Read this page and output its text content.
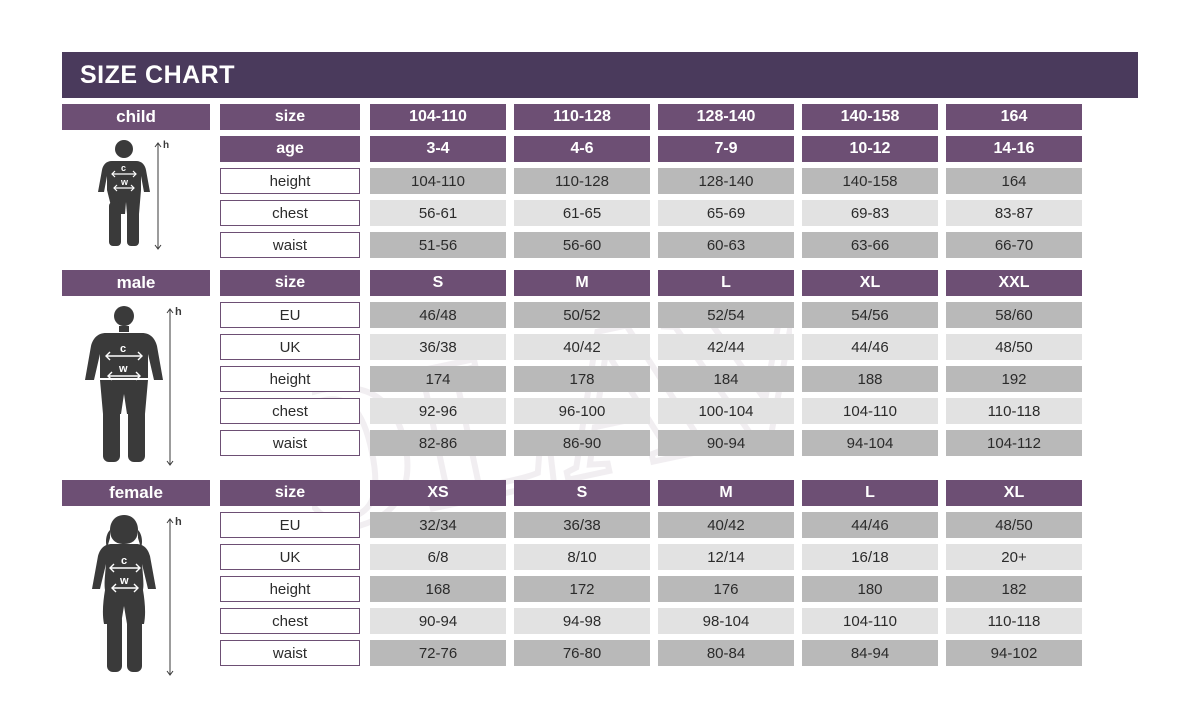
SIZE CHART
child	size	104-110	110-128	128-140	140-158	164
h
c
w
age	3-4	4-6	7-9	10-12	14-16
height	104-110	110-128	128-140	140-158	164
chest	56-61	61-65	65-69	69-83	83-87
waist	51-56	56-60	60-63	63-66	66-70
male	size	S	M	L	XL	XXL
h
c
w
EU	46/48	50/52	52/54	54/56	58/60
UK	36/38	40/42	42/44	44/46	48/50
height	174	178	184	188	192
chest	92-96	96-100	100-104	104-110	110-118
waist	82-86	86-90	90-94	94-104	104-112
female	size	XS	S	M	L	XL
h
c
w
EU	32/34	36/38	40/42	44/46	48/50
UK	6/8	8/10	12/14	16/18	20+
height	168	172	176	180	182
chest	90-94	94-98	98-104	104-110	110-118
waist	72-76	76-80	80-84	84-94	94-102
